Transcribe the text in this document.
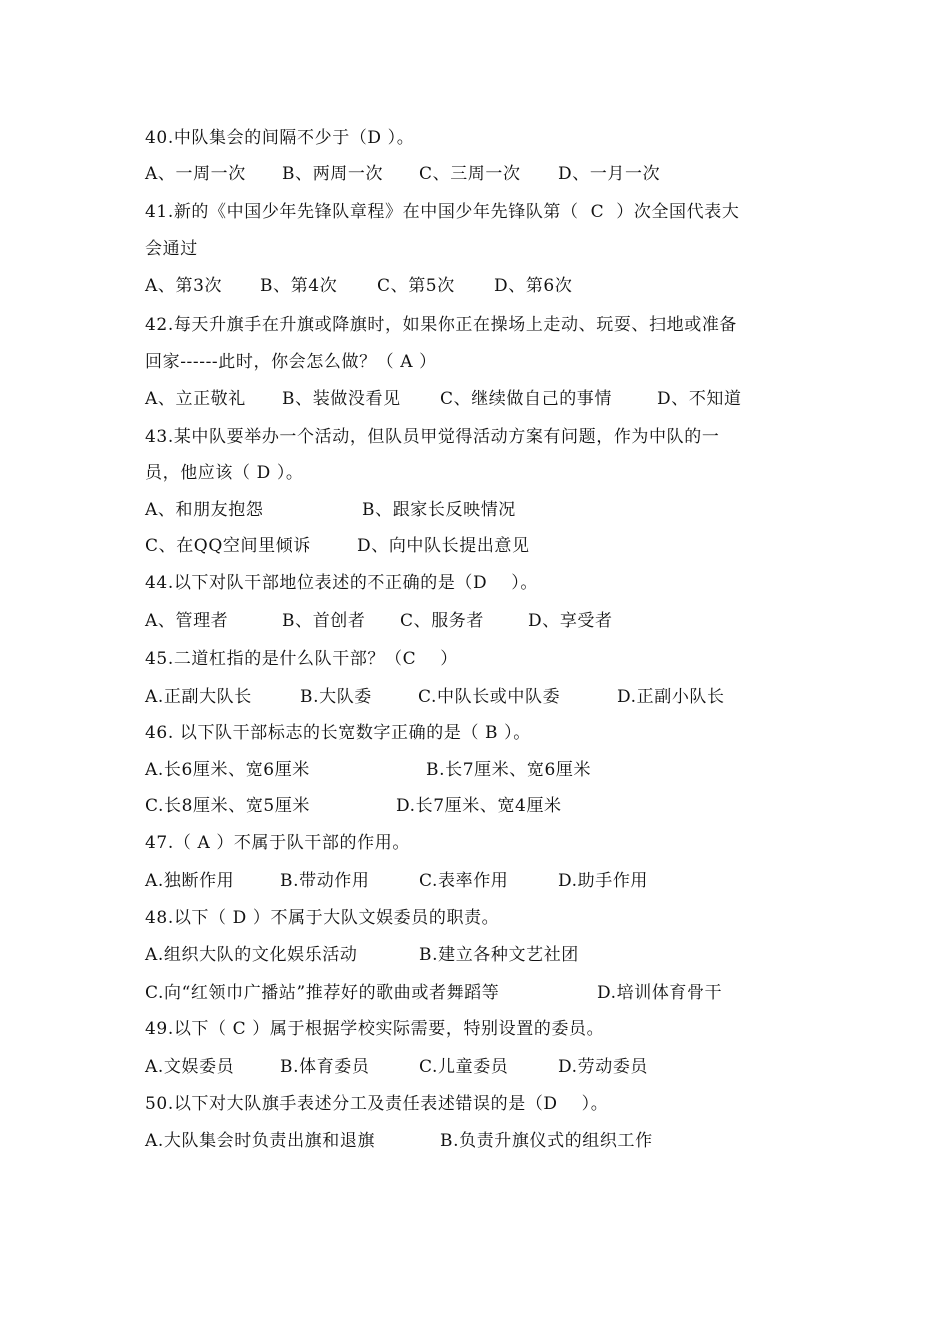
40.中队集会的间隔不少于（D ）。
A、一周一次 B、两周一次 C、三周一次 D、一月一次
41.新的《中国少年先锋队章程》在中国少年先锋队第（  C  ）次全国代表大
会通过
A、第3次 B、第4次 C、第5次 D、第6次
42.每天升旗手在升旗或降旗时，如果你正在操场上走动、玩耍、扫地或准备
回家------此时，你会怎么做？（ A ）
A、立正敬礼 B、装做没看见 C、继续做自己的事情	D、不知道
43.某中队要举办一个活动，但队员甲觉得活动方案有问题，作为中队的一
员，他应该（ D ）。
A、和朋友抱怨	B、跟家长反映情况
C、在QQ空间里倾诉	D、向中队长提出意见
44.以下对队干部地位表述的不正确的是（D    ）。
A、管理者	B、首创者 C、服务者	D、享受者
45.二道杠指的是什么队干部？（C    ）
A.正副大队长	B.大队委	C.中队长或中队委	D.正副小队长
46. 以下队干部标志的长宽数字正确的是（ B ）。
A.长6厘米、宽6厘米	B.长7厘米、宽6厘米
C.长8厘米、宽5厘米	D.长7厘米、宽4厘米
47.（ A ）不属于队干部的作用。
A.独断作用	B.带动作用	C.表率作用	D.助手作用
48.以下（ D ）不属于大队文娱委员的职责。
A.组织大队的文化娱乐活动	B.建立各种文艺社团
C.向“红领巾广播站”推荐好的歌曲或者舞蹈等	D.培训体育骨干
49.以下（ C ）属于根据学校实际需要，特别设置的委员。
A.文娱委员	B.体育委员	C.儿童委员	D.劳动委员
50.以下对大队旗手表述分工及责任表述错误的是（D    ）。
A.大队集会时负责出旗和退旗	B.负责升旗仪式的组织工作
